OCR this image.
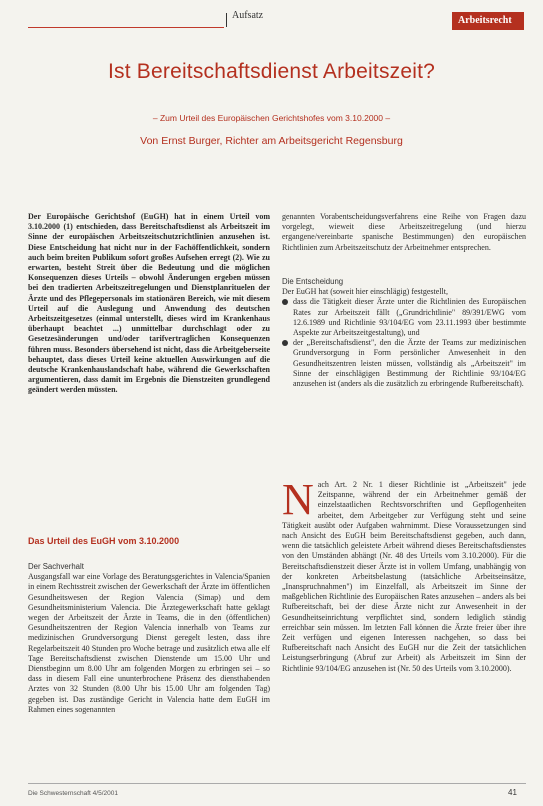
Aufsatz	Arbeitsrecht
Ist Bereitschaftsdienst Arbeitszeit?
– Zum Urteil des Europäischen Gerichtshofes vom 3.10.2000 –
Von Ernst Burger, Richter am Arbeitsgericht Regensburg
Der Europäische Gerichtshof (EuGH) hat in einem Urteil vom 3.10.2000 (1) entschieden, dass Bereitschaftsdienst als Arbeitszeit im Sinne der europäischen Arbeitszeitschutzrichtlinien anzusehen ist. Diese Entscheidung hat nicht nur in der Fachöffentlichkeit, sondern auch beim breiten Publikum sofort großes Aufsehen erregt (2). Wie zu erwarten, besteht Streit über die Bedeutung und die möglichen Konsequenzen dieses Urteils – obwohl Änderungen ergeben müssen bei den tradierten Arbeitszeitregelungen und Dienstplanrituelen der Ärzte und des Pflegepersonals im stationären Bereich, wie mit diesem Urteil auf die Auslegung und Anwendung des deutschen Arbeitszeitgesetzes (einmal unterstellt, dieses wird im Krankenhaus überhaupt beachtet ...) unmittelbar durchschlagt oder zu Gesetzesänderungen und/oder tarifvertraglichen Konsequenzen führen muss. Besonders übersehend ist nicht, dass die Arbeitgeberseite behauptet, dass dieses Urteil keine aktuellen Auswirkungen auf die deutsche Krankenhauslandschaft habe, während die Gewerkschaften argumentieren, dass damit im Ergebnis die Dienstzeiten grundlegend geändert werden müssten.
Das Urteil des EuGH vom 3.10.2000
Der Sachverhalt
Ausgangsfall war eine Vorlage des Beratungsgerichtes in Valencia/Spanien in einem Rechtsstreit zwischen der Gewerkschaft der Ärzte im öffentlichen Gesundheitswesen der Region Valencia (Simap) und dem Gesundheitsministerium Valencia. Die Ärztegewerkschaft hatte geklagt wegen der Arbeitszeit der Ärzte in Teams, die in den (öffentlichen) Gesundheitszentren der Region Valencia innerhalb von Teams zur medizinischen Grundversorgung Dienst geregelt lesten, dass ihre Regelarbeitszeit 40 Stunden pro Woche betrage und zusätzlich etwa alle elf Tage Bereitschaftsdienst zwischen Dienstende um 15.00 Uhr und Dienstbeginn um 8.00 Uhr am folgenden Morgen zu erbringen sei – so dass in diesem Fall eine ununterbrochene Präsenz des diensthabenden Arztes von 32 Stunden (8.00 Uhr bis 15.00 Uhr am folgenden Tag) gegeben ist. Das zuständige Gericht in Valencia hatte dem EuGH im Rahmen eines sogenannten
genannten Vorabentscheidungsverfahrens eine Reihe von Fragen dazu vorgelegt, wieweit diese Arbeitszeitregelung (und hierzu ergangene/vereinbarte spanische Bestimmungen) den europäischen Richtlinien zum Arbeitszeitschutz der Arbeitnehmer entsprechen.
Die Entscheidung
Der EuGH hat (soweit hier einschlägig) festgestellt,
dass die Tätigkeit dieser Ärzte unter die Richtlinien des Europäischen Rates zur Arbeitszeit fällt („Grundrichtlinie" 89/391/EWG vom 12.6.1989 und Richtlinie 93/104/EG vom 23.11.1993 über bestimmte Aspekte zur Arbeitszeitgestaltung), und
der „Bereitschaftsdienst", den die Ärzte der Teams zur medizinischen Grundversorgung in Form persönlicher Anwesenheit in den Gesundheitszentren leisten müssen, vollständig als „Arbeitszeit" im Sinne der einschlägigen Bestimmung der Richtlinie 93/104/EG anzusehen ist (anders als die zusätzlich zu erbringende Rufbereitschaft).
Nach Art. 2 Nr. 1 dieser Richtlinie ist „Arbeitszeit" jede Zeitspanne, während der ein Arbeitnehmer gemäß der einzelstaatlichen Rechtsvorschriften und Gepflogenheiten arbeitet, dem Arbeitgeber zur Verfügung steht und seine Tätigkeit ausübt oder Aufgaben wahrnimmt. Diese Voraussetzungen sind nach Ansicht des EuGH beim Bereitschaftsdienst gegeben, auch dann, wenn die tatsächlich geleistete Arbeit während dieses Bereitschaftsdienstes von den Umständen abhängt (Nr. 48 des Urteils vom 3.10.2000). Für die Bereitschaftsdienstzeit dieser Ärzte ist in vollem Umfang, unabhängig von der konkreten Arbeitsbelastung (tatsächliche Arbeitseinsätze, „Inanspruchnahmen") im Einzelfall, als Arbeitszeit im Sinne der maßgeblichen Richtlinie des Europäischen Rates anzusehen – anders als bei Rufbereitschaft, bei der diese Ärzte nicht zur Anwesenheit in der Gesundheitseinrichtung verpflichtet sind, sondern lediglich ständig erreichbar sein müssen. Im letzten Fall können die Ärzte freier über ihre Zeit verfügen und eigenen Interessen nachgehen, so dass bei Rufbereitschaft nach Ansicht des EuGH nur die Zeit der tatsächlichen Leistungserbringung (Abruf zur Arbeit) als Arbeitszeit im Sinn der Richtlinie 93/104/EG anzusehen ist (Nr. 50 des Urteils vom 3.10.2000).
Die Schwesternschaft 4/5/2001	41
